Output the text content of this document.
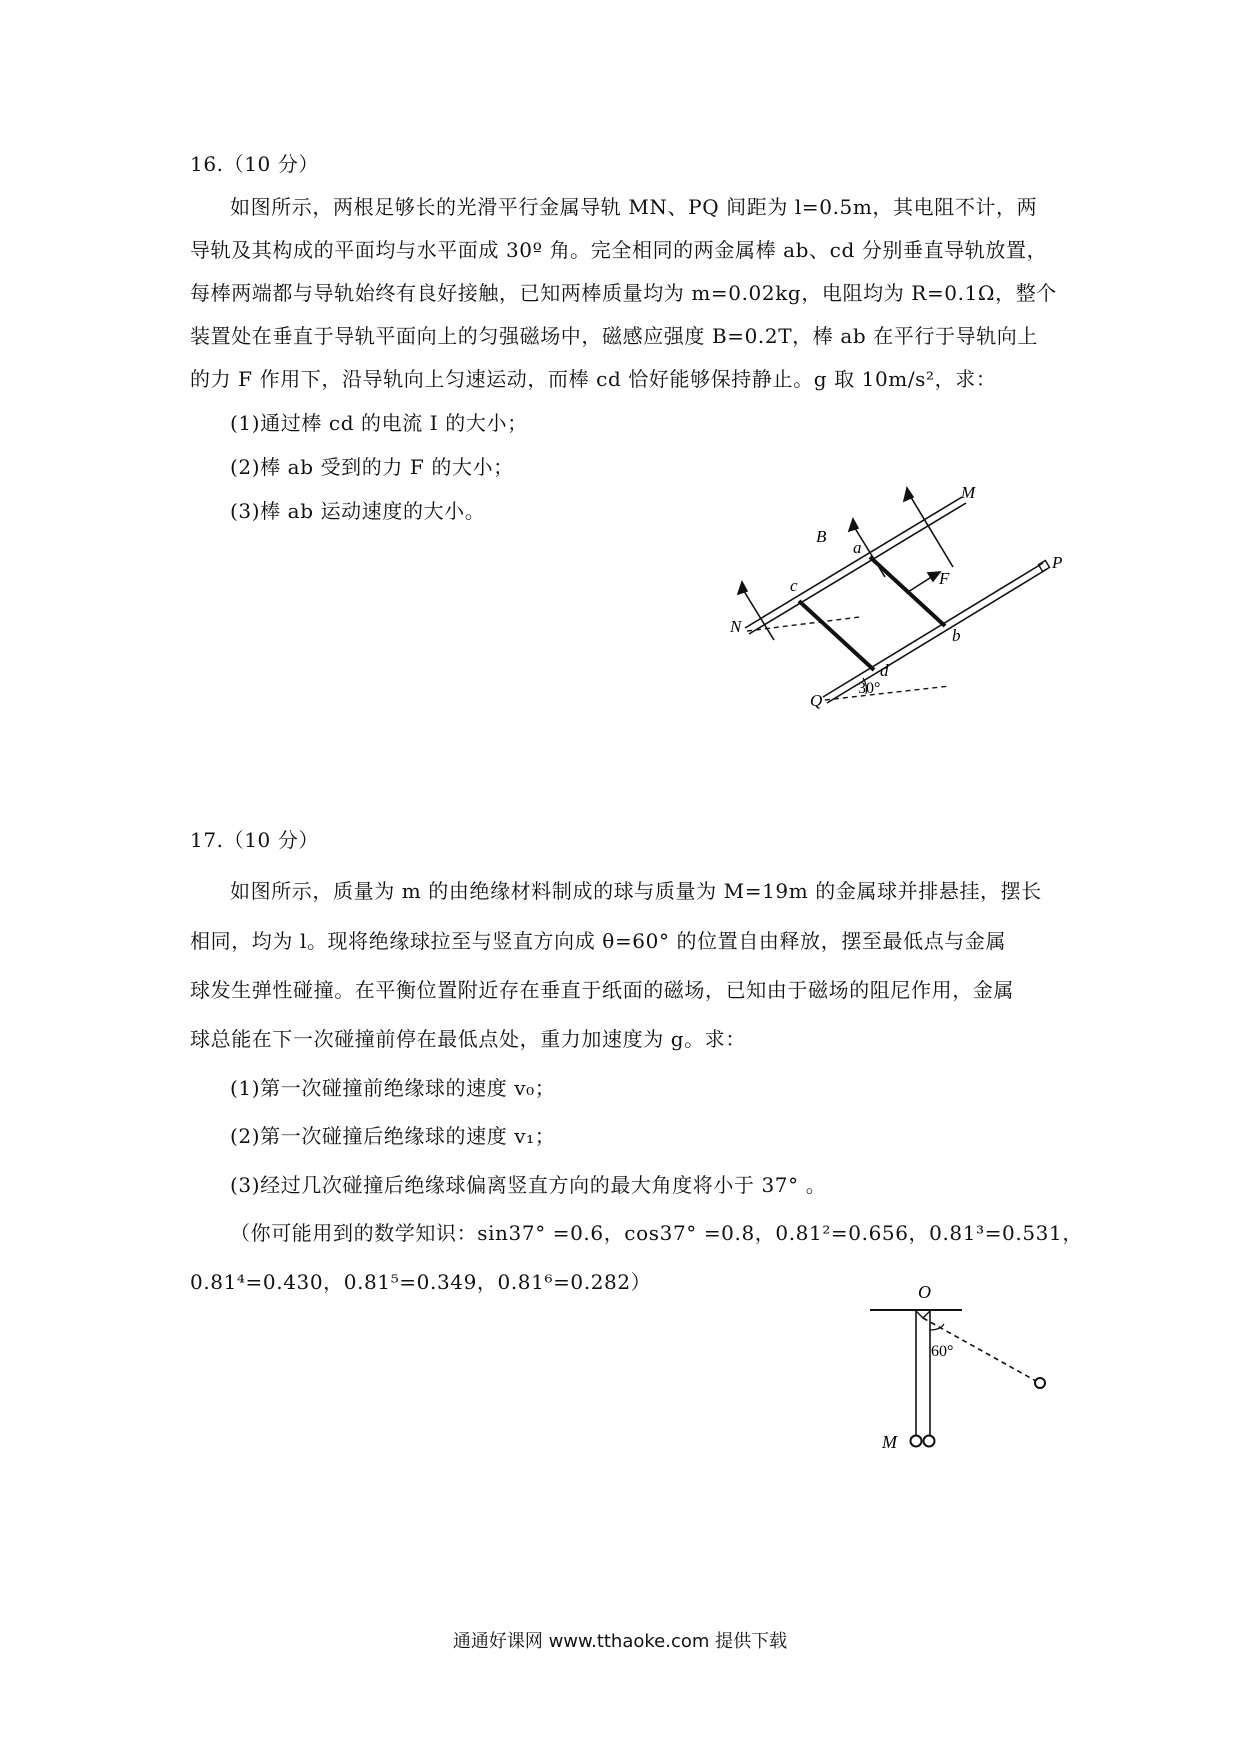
16.（10 分）
如图所示，两根足够长的光滑平行金属导轨 MN、PQ 间距为 l=0.5m，其电阻不计，两
导轨及其构成的平面均与水平面成 30º 角。完全相同的两金属棒 ab、cd 分别垂直导轨放置，
每棒两端都与导轨始终有良好接触，已知两棒质量均为 m=0.02kg，电阻均为 R=0.1Ω，整个
装置处在垂直于导轨平面向上的匀强磁场中，磁感应强度 B=0.2T，棒 ab 在平行于导轨向上
的力 F 作用下，沿导轨向上匀速运动，而棒 cd 恰好能够保持静止。g 取 10m/s²，求：
(1)通过棒 cd 的电流 I 的大小；
(2)棒 ab 受到的力 F 的大小；
(3)棒 ab 运动速度的大小。
M
P
N
Q
a
b
c
d
B
F
30°
17.（10 分）
如图所示，质量为 m 的由绝缘材料制成的球与质量为 M=19m 的金属球并排悬挂，摆长
相同，均为 l。现将绝缘球拉至与竖直方向成 θ=60° 的位置自由释放，摆至最低点与金属
球发生弹性碰撞。在平衡位置附近存在垂直于纸面的磁场，已知由于磁场的阻尼作用，金属
球总能在下一次碰撞前停在最低点处，重力加速度为 g。求：
(1)第一次碰撞前绝缘球的速度 v₀；
(2)第一次碰撞后绝缘球的速度 v₁；
(3)经过几次碰撞后绝缘球偏离竖直方向的最大角度将小于 37° 。
（你可能用到的数学知识：sin37° =0.6，cos37° =0.8，0.81²=0.656，0.81³=0.531，
0.81⁴=0.430，0.81⁵=0.349，0.81⁶=0.282）	O
M
60°
通通好课网 www.tthaoke.com 提供下载
